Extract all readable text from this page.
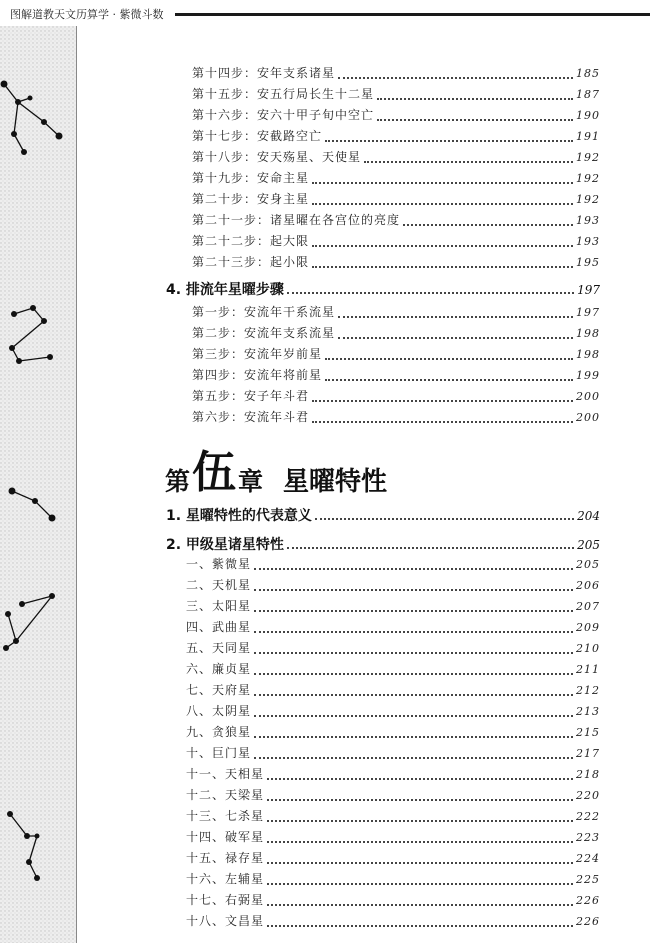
图解道教天文历算学 · 紫微斗数
第十四步：安年支系诸星	185
第十五步：安五行局长生十二星	187
第十六步：安六十甲子旬中空亡	190
第十七步：安截路空亡	191
第十八步：安天殇星、天使星	192
第十九步：安命主星	192
第二十步：安身主星	192
第二十一步：诸星曜在各宫位的亮度	193
第二十二步：起大限	193
第二十三步：起小限	195
4. 排流年星曜步骤	197
第一步：安流年干系流星	197
第二步：安流年支系流星	198
第三步：安流年岁前星	198
第四步：安流年将前星	199
第五步：安子年斗君	200
第六步：安流年斗君	200
第 伍 章 星曜特性
1. 星曜特性的代表意义	204
2. 甲级星诸星特性	205
一、紫微星	205
二、天机星	206
三、太阳星	207
四、武曲星	209
五、天同星	210
六、廉贞星	211
七、天府星	212
八、太阴星	213
九、贪狼星	215
十、巨门星	217
十一、天相星	218
十二、天梁星	220
十三、七杀星	222
十四、破军星	223
十五、禄存星	224
十六、左辅星	225
十七、右弼星	226
十八、文昌星	226
